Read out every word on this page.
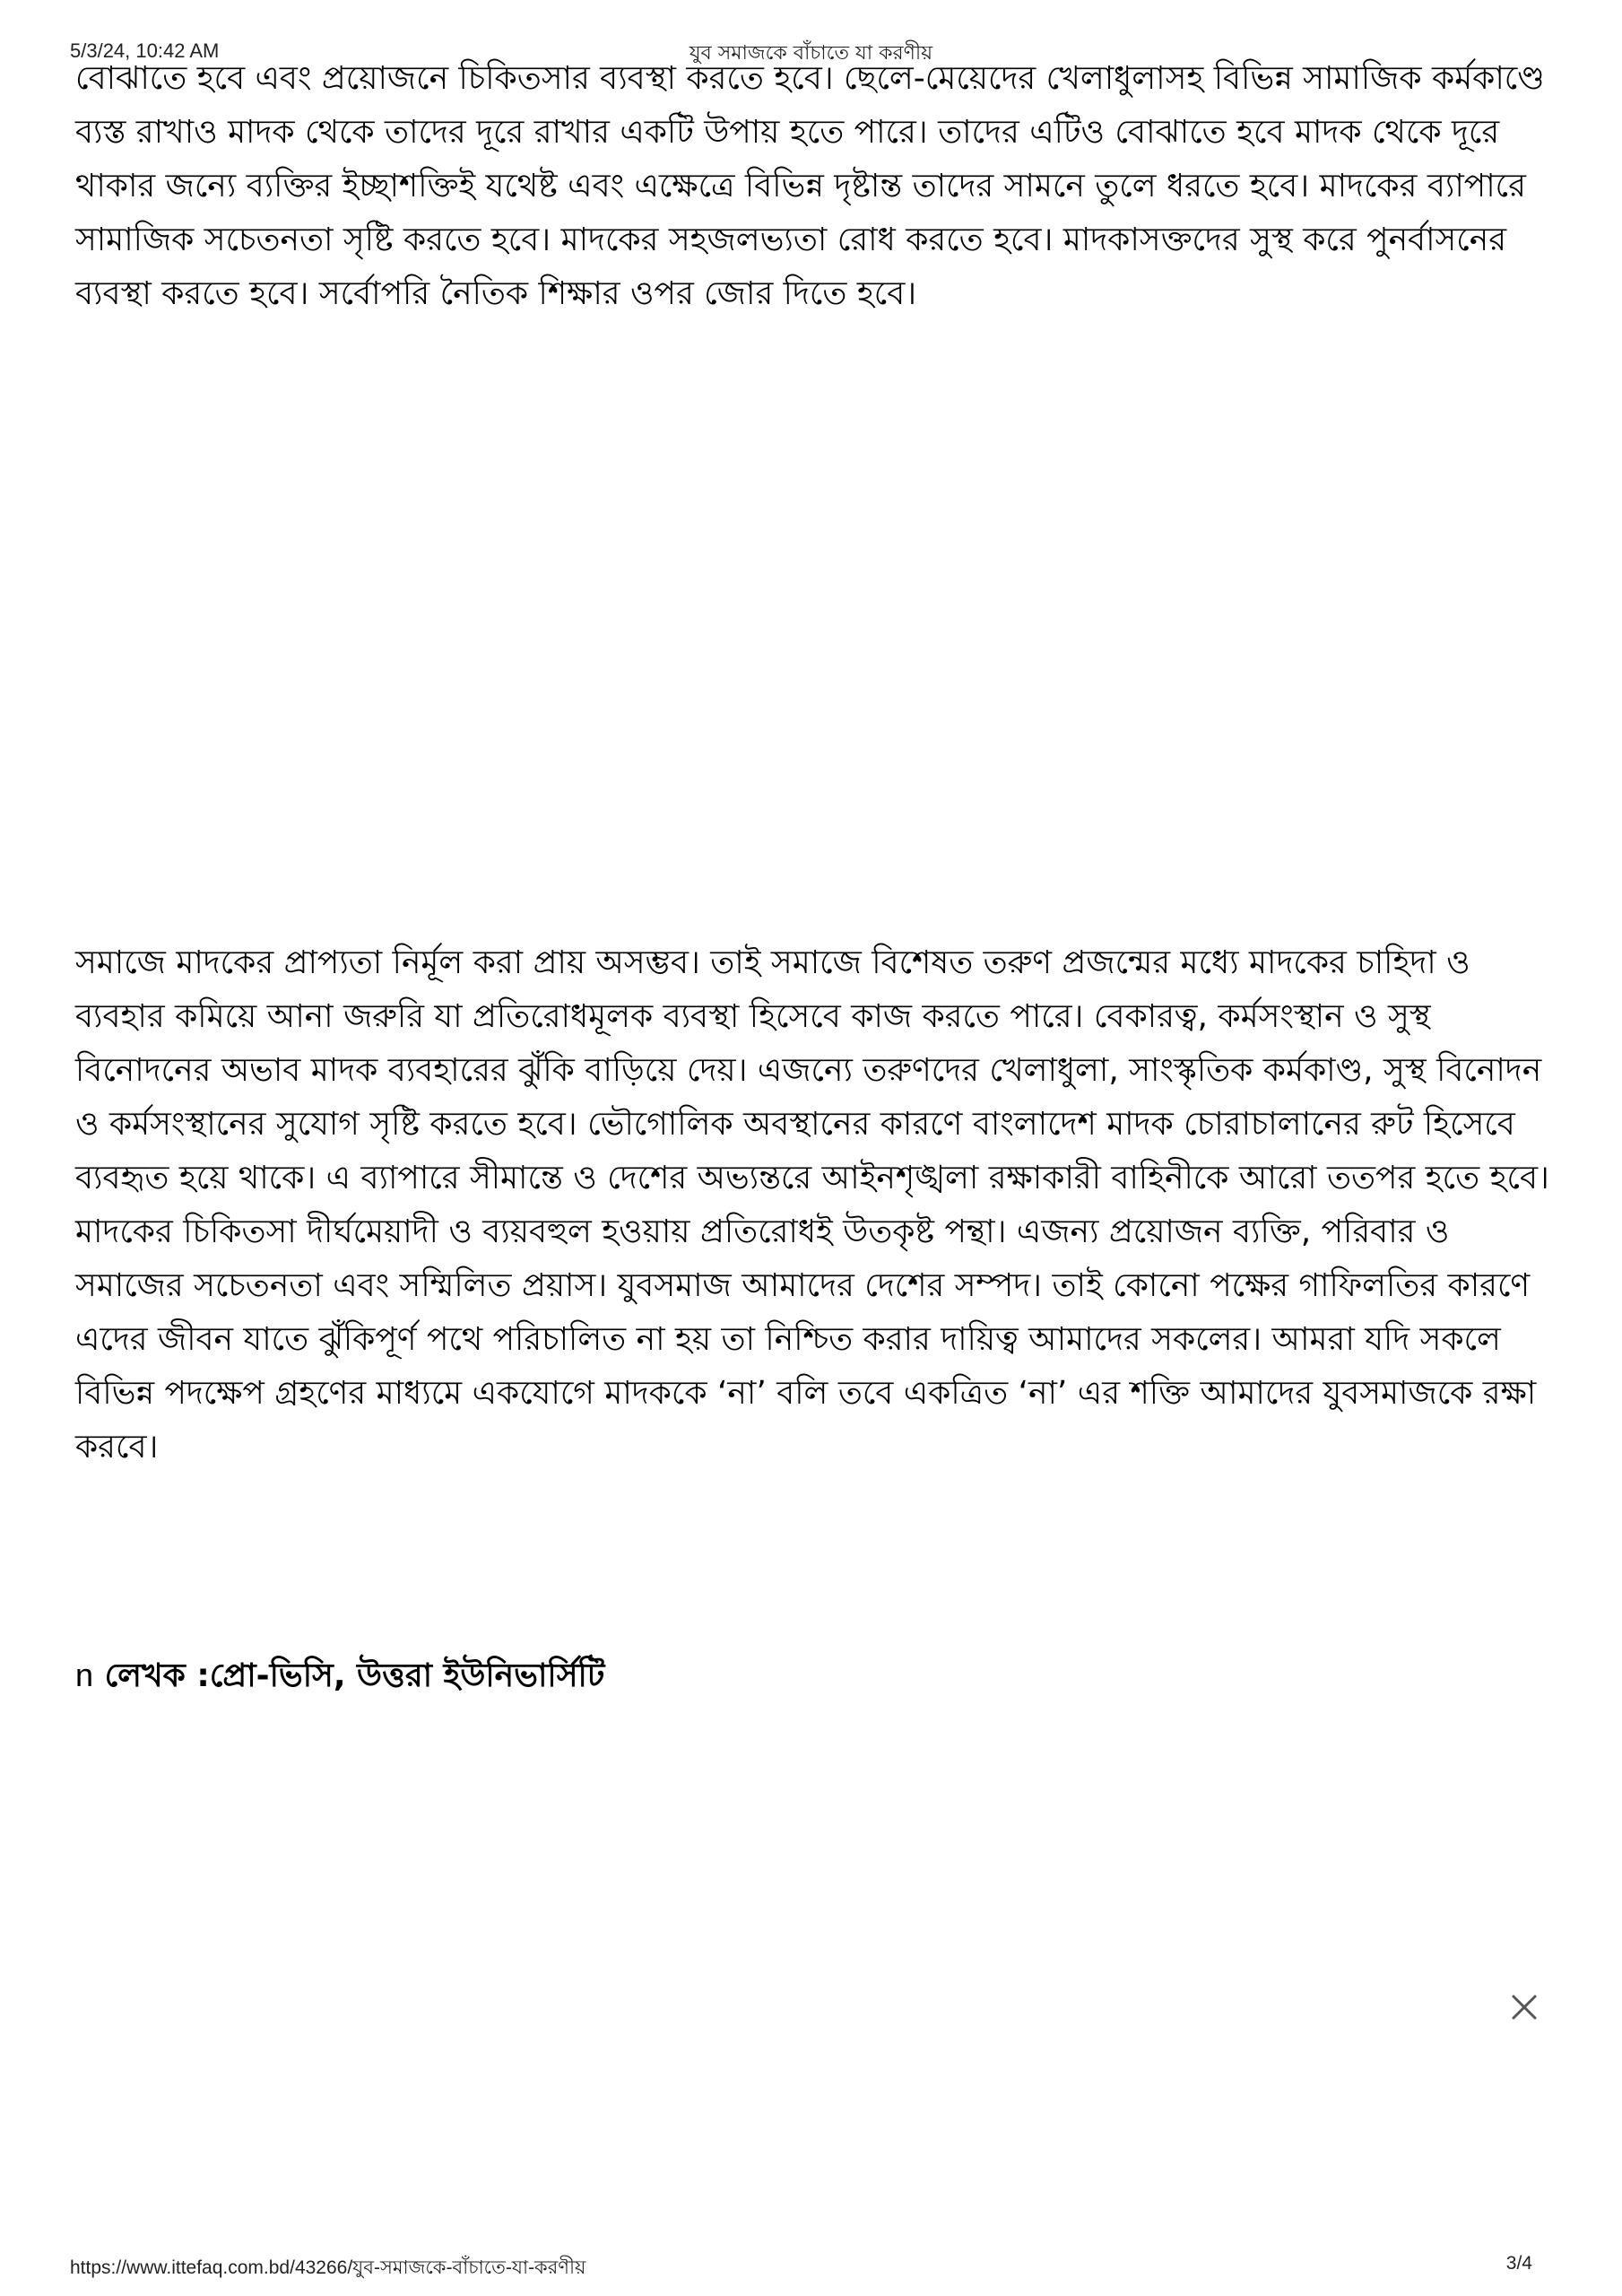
5/3/24, 10:42 AM	যুব সমাজকে বাঁচাতে যা করণীয়

বোঝাতে হবে এবং প্রয়োজনে চিকিতসার ব্যবস্থা করতে হবে। ছেলে-মেয়েদের খেলাধুলাসহ বিভিন্ন সামাজিক কর্মকাণ্ডে ব্যস্ত রাখাও মাদক থেকে তাদের দূরে রাখার একটি উপায় হতে পারে। তাদের এটিও বোঝাতে হবে মাদক থেকে দূরে থাকার জন্যে ব্যক্তির ইচ্ছাশক্তিই যথেষ্ট এবং এক্ষেত্রে বিভিন্ন দৃষ্টান্ত তাদের সামনে তুলে ধরতে হবে। মাদকের ব্যাপারে সামাজিক সচেতনতা সৃষ্টি করতে হবে। মাদকের সহজলভ্যতা রোধ করতে হবে। মাদকাসক্তদের সুস্থ করে পুনর্বাসনের ব্যবস্থা করতে হবে। সর্বোপরি নৈতিক শিক্ষার ওপর জোর দিতে হবে।

সমাজে মাদকের প্রাপ্যতা নির্মূল করা প্রায় অসম্ভব। তাই সমাজে বিশেষত তরুণ প্রজন্মের মধ্যে মাদকের চাহিদা ও ব্যবহার কমিয়ে আনা জরুরি যা প্রতিরোধমূলক ব্যবস্থা হিসেবে কাজ করতে পারে। বেকারত্ব, কর্মসংস্থান ও সুস্থ বিনোদনের অভাব মাদক ব্যবহারের ঝুঁকি বাড়িয়ে দেয়। এজন্যে তরুণদের খেলাধুলা, সাংস্কৃতিক কর্মকাণ্ড, সুস্থ বিনোদন ও কর্মসংস্থানের সুযোগ সৃষ্টি করতে হবে। ভৌগোলিক অবস্থানের কারণে বাংলাদেশ মাদক চোরাচালানের রুট হিসেবে ব্যবহৃত হয়ে থাকে। এ ব্যাপারে সীমান্তে ও দেশের অভ্যন্তরে আইনশৃঙ্খলা রক্ষাকারী বাহিনীকে আরো ততপর হতে হবে। মাদকের চিকিতসা দীর্ঘমেয়াদী ও ব্যয়বহুল হওয়ায় প্রতিরোধই উতকৃষ্ট পন্থা। এজন্য প্রয়োজন ব্যক্তি, পরিবার ও সমাজের সচেতনতা এবং সম্মিলিত প্রয়াস। যুবসমাজ আমাদের দেশের সম্পদ। তাই কোনো পক্ষের গাফিলতির কারণে এদের জীবন যাতে ঝুঁকিপূর্ণ পথে পরিচালিত না হয় তা নিশ্চিত করার দায়িত্ব আমাদের সকলের। আমরা যদি সকলে বিভিন্ন পদক্ষেপ গ্রহণের মাধ্যমে একযোগে মাদককে ‘না’ বলি তবে একত্রিত ‘না’ এর শক্তি আমাদের যুবসমাজকে রক্ষা করবে।

n লেখক :প্রো-ভিসি, উত্তরা ইউনিভার্সিটি

https://www.ittefaq.com.bd/43266/যুব-সমাজকে-বাঁচাতে-যা-করণীয়	3/4
